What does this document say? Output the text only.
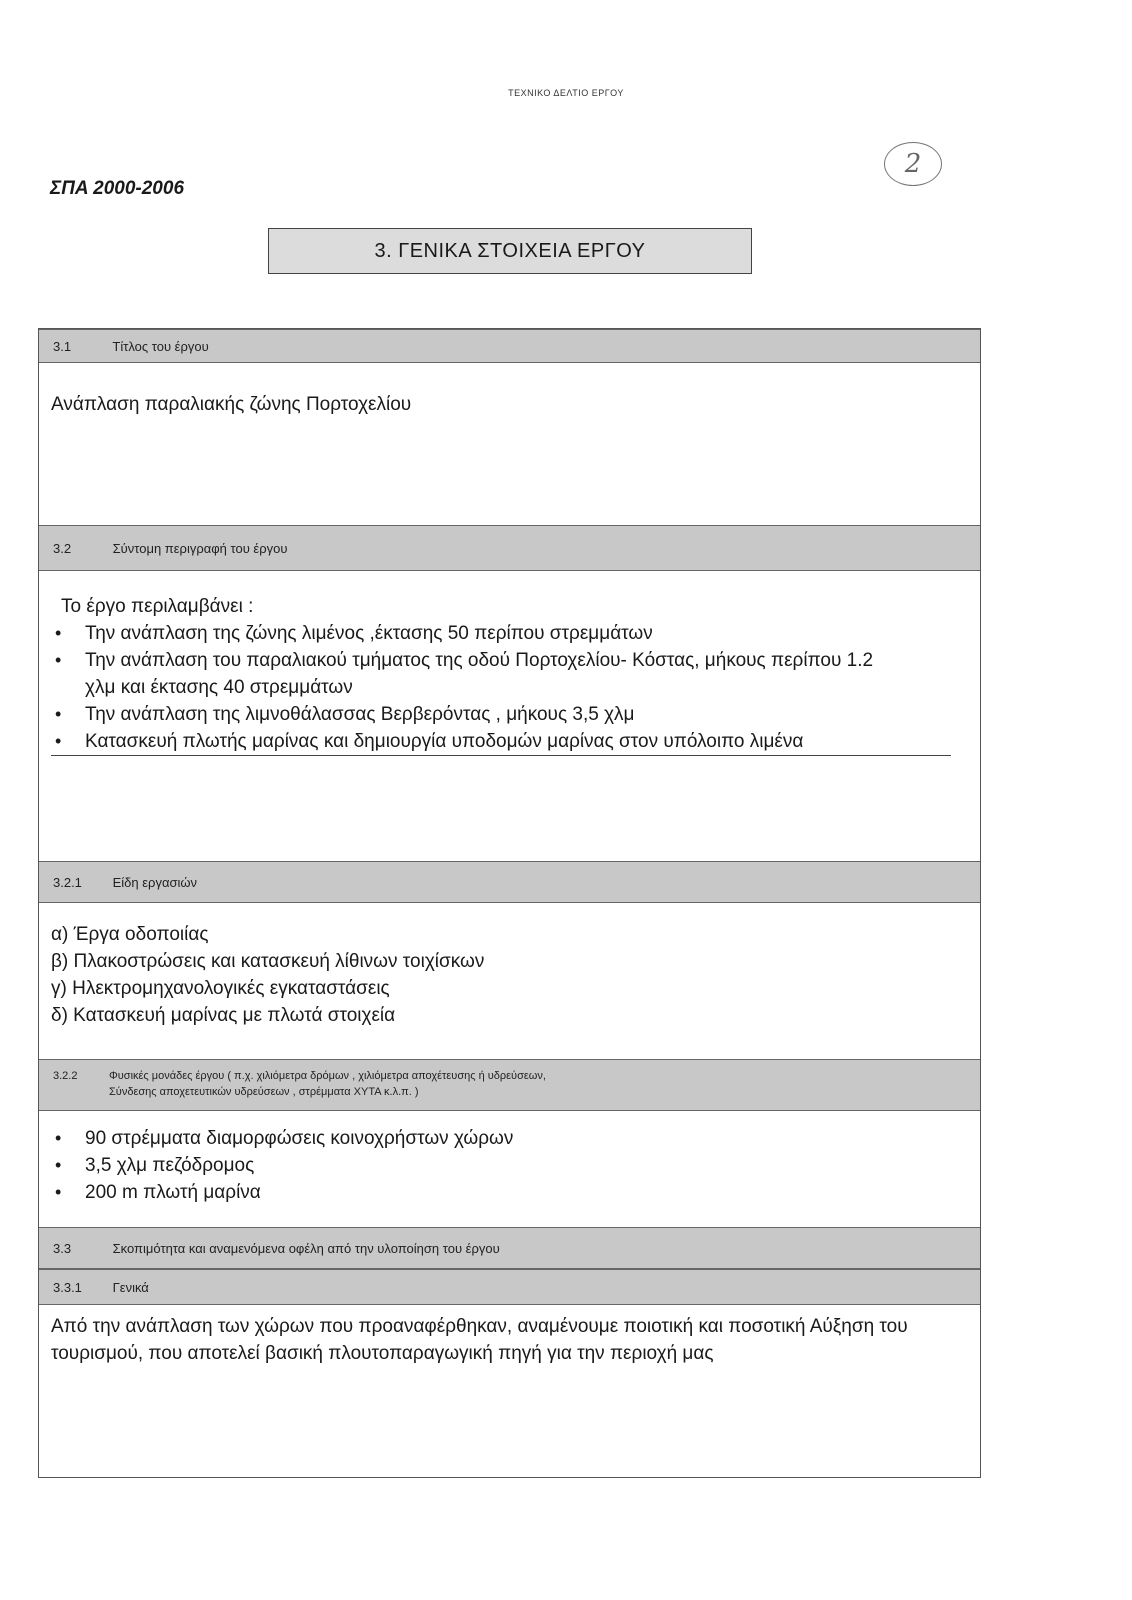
ΤΕΧΝΙΚΟ ΔΕΛΤΙΟ ΕΡΓΟΥ
ΣΠΑ 2000-2006
2
3. ΓΕΝΙΚΑ ΣΤΟΙΧΕΙΑ ΕΡΓΟΥ
3.1	Τίτλος του έργου
Ανάπλαση παραλιακής ζώνης Πορτοχελίου
3.2	Σύντομη περιγραφή του έργου
Το έργο περιλαμβάνει :
• Την ανάπλαση της ζώνης λιμένος ,έκτασης 50 περίπου στρεμμάτων
• Την ανάπλαση του παραλιακού τμήματος της οδού Πορτοχελίου- Κόστας, μήκους περίπου 1.2 χλμ και έκτασης 40 στρεμμάτων
• Την ανάπλαση της λιμνοθάλασσας Βερβερόντας , μήκους 3,5 χλμ
• Κατασκευή πλωτής μαρίνας και δημιουργία υποδομών μαρίνας στον υπόλοιπο λιμένα
3.2.1 Είδη εργασιών
α) Έργα οδοποιίας
β) Πλακοστρώσεις και κατασκευή λίθινων τοιχίσκων
γ) Ηλεκτρομηχανολογικές εγκαταστάσεις
δ) Κατασκευή μαρίνας με πλωτά στοιχεία
3.2.2	Φυσικές μονάδες έργου ( π.χ. χιλιόμετρα δρόμων , χιλιόμετρα αποχέτευσης ή υδρεύσεων,
Σύνδεσης αποχετευτικών υδρεύσεων , στρέμματα ΧΥΤΑ κ.λ.π. )
• 90 στρέμματα διαμορφώσεις κοινοχρήστων χώρων
• 3,5 χλμ πεζόδρομος
• 200 m πλωτή μαρίνα
3.3	Σκοπιμότητα και αναμενόμενα οφέλη από την υλοποίηση του έργου
3.3.1 Γενικά
Από την ανάπλαση των χώρων που προαναφέρθηκαν, αναμένουμε ποιοτική και ποσοτική Αύξηση του τουρισμού, που αποτελεί βασική πλουτοπαραγωγική πηγή για την περιοχή μας
